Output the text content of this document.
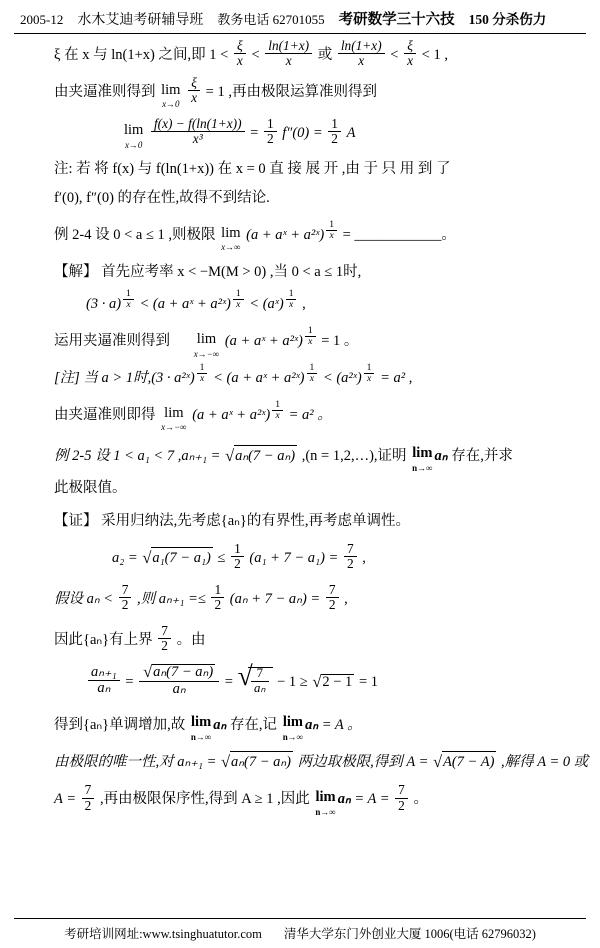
2005-12 水木艾迪考研辅导班 教务电话 62701055 考研数学三十六技 150 分杀伤力
ξ 在 x 与 ln(1+x) 之间,即 $1 < \frac{\xi}{x} < \frac{\ln(1+x)}{x}$ 或 $\frac{\ln(1+x)}{x} < \frac{\xi}{x} < 1$ ,
由夹逼准则得到 lim
x→0
$\frac{\xi}{x} = 1$ ,再由极限运算准则得到
lim
x→0
$\frac{f(x) - f(\ln(1+x))}{\text{x³}} = \frac{1}{2} f''(0) = \frac{1}{2}$ A
注: 若 将 f(x) 与 f(ln(1+x)) 在 x = 0 直 接 展 开 ,由 于 只 用 到 了
f′(0), f″(0) 的存在性,故得不到结论.
例 2-4 设 0 < a ≤ 1 ,则极限 lim
x→∞
(a + aˣ + a²ˣ) $\frac{1}{x}$ = ____________。
【解】 首先应考率 x < −M(M > 0) ,当 0 < a ≤ 1时,
$(3 \cdot a) \frac{1}{x} < (a$ + aˣ + a²ˣ) $\frac{1}{x}$ < (aˣ) $\frac{1}{x}$ ,
运用夹逼准则得到 lim
x→−∞
(a + aˣ + a²ˣ) $\frac{1}{x} = 1$ 。
[注] 当 a > 1时,(3 · a²ˣ) $\frac{1}{x} < (a$ + aˣ + a²ˣ) $\frac{1}{x}$ < (a²ˣ) $\frac{1}{x} = a^2$ ,
由夹逼准则即得 lim
x→−∞
(a + aˣ + a²ˣ) $\frac{1}{x} = a^2$ 。
例 2-5 设 1 < a₁ < 7 ,aₙ₊₁ = √ aₙ(7 − aₙ) ,(n = 1,2,…),证明 lim
n→∞
aₙ 存在,并求
此极限值。
【证】 采用归纳法,先考虑{aₙ}的有界性,再考虑单调性。
a₂ = √ $a_1(7 - a_1) \le \frac{1}{2} (a_1 + 7 - a_1) = \frac{7}{2}$ ,
假设 $a_n < \frac{7}{2}$ ,则 $a_{n+1} =\le \frac{1}{2} (a_n + 7 - a_n) = \frac{7}{2}$ ,
因此{aₙ}有上界 $\frac{7}{2}$ 。由
$\frac{\text{aₙ₊₁}}{\text{aₙ}}$ = √ $\frac{\text{aₙ(7 − aₙ)}}{\text{aₙ}}$ = √ $\frac{7}{\text{aₙ}} - 1$ ≥ √ 2 − 1 = 1
得到{aₙ}单调增加,故 lim
n→∞
aₙ 存在,记 lim
n→∞
aₙ = A 。
由极限的唯一性,对 aₙ₊₁ = √ aₙ(7 − aₙ) 两边取极限,得到 A = √ A(7 − A) ,解得 A = 0 或
$A = \frac{7}{2}$ ,再由极限保序性,得到 A ≥ 1 ,因此 lim
n→∞
$a_n = A = \frac{7}{2}$ 。
考研培训网址:www.tsinghuatutor.com 清华大学东门外创业大厦 1006(电话 62796032)
